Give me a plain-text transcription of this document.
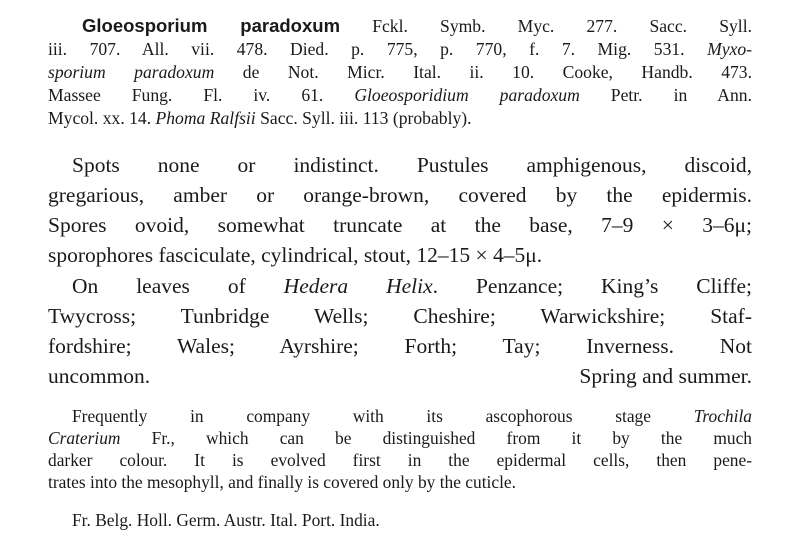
Gloeosporium paradoxum Fckl. Symb. Myc. 277. Sacc. Syll.
iii. 707. All. vii. 478. Died. p. 775, p. 770, f. 7. Mig. 531. Myxo-
sporium paradoxum de Not. Micr. Ital. ii. 10. Cooke, Handb. 473.
Massee Fung. Fl. iv. 61. Gloeosporidium paradoxum Petr. in Ann.
Mycol. xx. 14. Phoma Ralfsii Sacc. Syll. iii. 113 (probably).
Spots none or indistinct. Pustules amphigenous, discoid,
gregarious, amber or orange-brown, covered by the epidermis.
Spores ovoid, somewhat truncate at the base, 7–9 × 3–6μ;
sporophores fasciculate, cylindrical, stout, 12–15 × 4–5μ.
On leaves of Hedera Helix. Penzance; King’s Cliffe;
Twycross; Tunbridge Wells; Cheshire; Warwickshire; Staf-
fordshire; Wales; Ayrshire; Forth; Tay; Inverness. Not
uncommon.	Spring and summer.
Frequently in company with its ascophorous stage Trochila
Craterium Fr., which can be distinguished from it by the much
darker colour. It is evolved first in the epidermal cells, then pene-
trates into the mesophyll, and finally is covered only by the cuticle.
Fr. Belg. Holl. Germ. Austr. Ital. Port. India.
